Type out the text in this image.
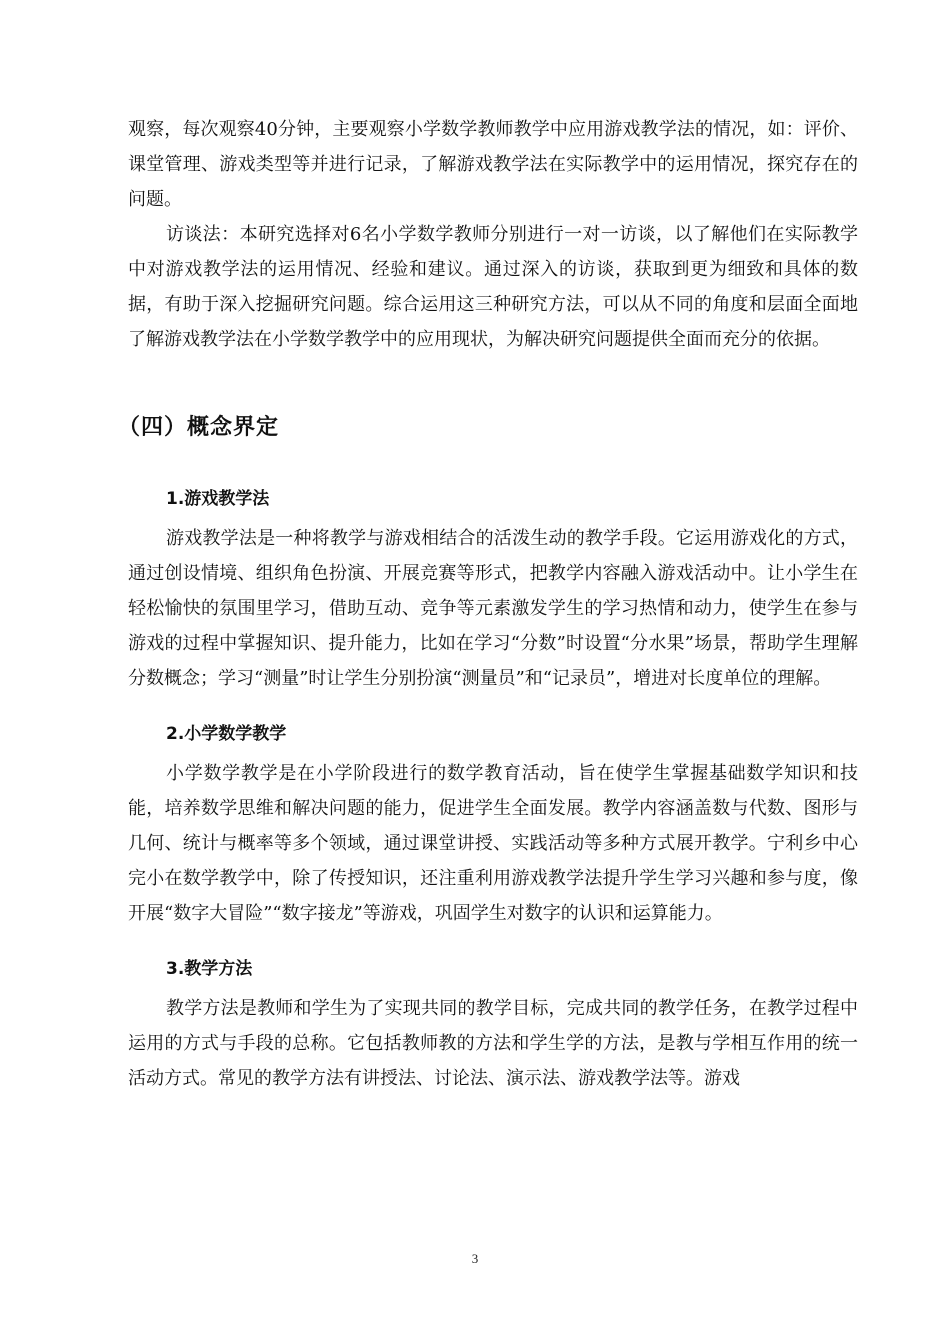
观察，每次观察40分钟，主要观察小学数学教师教学中应用游戏教学法的情况，如：评价、课堂管理、游戏类型等并进行记录，了解游戏教学法在实际教学中的运用情况，探究存在的问题。

访谈法：本研究选择对6名小学数学教师分别进行一对一访谈，以了解他们在实际教学中对游戏教学法的运用情况、经验和建议。通过深入的访谈，获取到更为细致和具体的数据，有助于深入挖掘研究问题。综合运用这三种研究方法，可以从不同的角度和层面全面地了解游戏教学法在小学数学教学中的应用现状，为解决研究问题提供全面而充分的依据。

（四）概念界定
1.游戏教学法

游戏教学法是一种将教学与游戏相结合的活泼生动的教学手段。它运用游戏化的方式，通过创设情境、组织角色扮演、开展竞赛等形式，把教学内容融入游戏活动中。让小学生在轻松愉快的氛围里学习，借助互动、竞争等元素激发学生的学习热情和动力，使学生在参与游戏的过程中掌握知识、提升能力，比如在学习“分数”时设置“分水果”场景，帮助学生理解分数概念；学习“测量”时让学生分别扮演“测量员”和“记录员”，增进对长度单位的理解。

2.小学数学教学

小学数学教学是在小学阶段进行的数学教育活动，旨在使学生掌握基础数学知识和技能，培养数学思维和解决问题的能力，促进学生全面发展。教学内容涵盖数与代数、图形与几何、统计与概率等多个领域，通过课堂讲授、实践活动等多种方式展开教学。宁利乡中心完小在数学教学中，除了传授知识，还注重利用游戏教学法提升学生学习兴趣和参与度，像开展“数字大冒险”“数字接龙”等游戏，巩固学生对数字的认识和运算能力。

3.教学方法

教学方法是教师和学生为了实现共同的教学目标，完成共同的教学任务，在教学过程中运用的方式与手段的总称。它包括教师教的方法和学生学的方法，是教与学相互作用的统一活动方式。常见的教学方法有讲授法、讨论法、演示法、游戏教学法等。游戏

3
